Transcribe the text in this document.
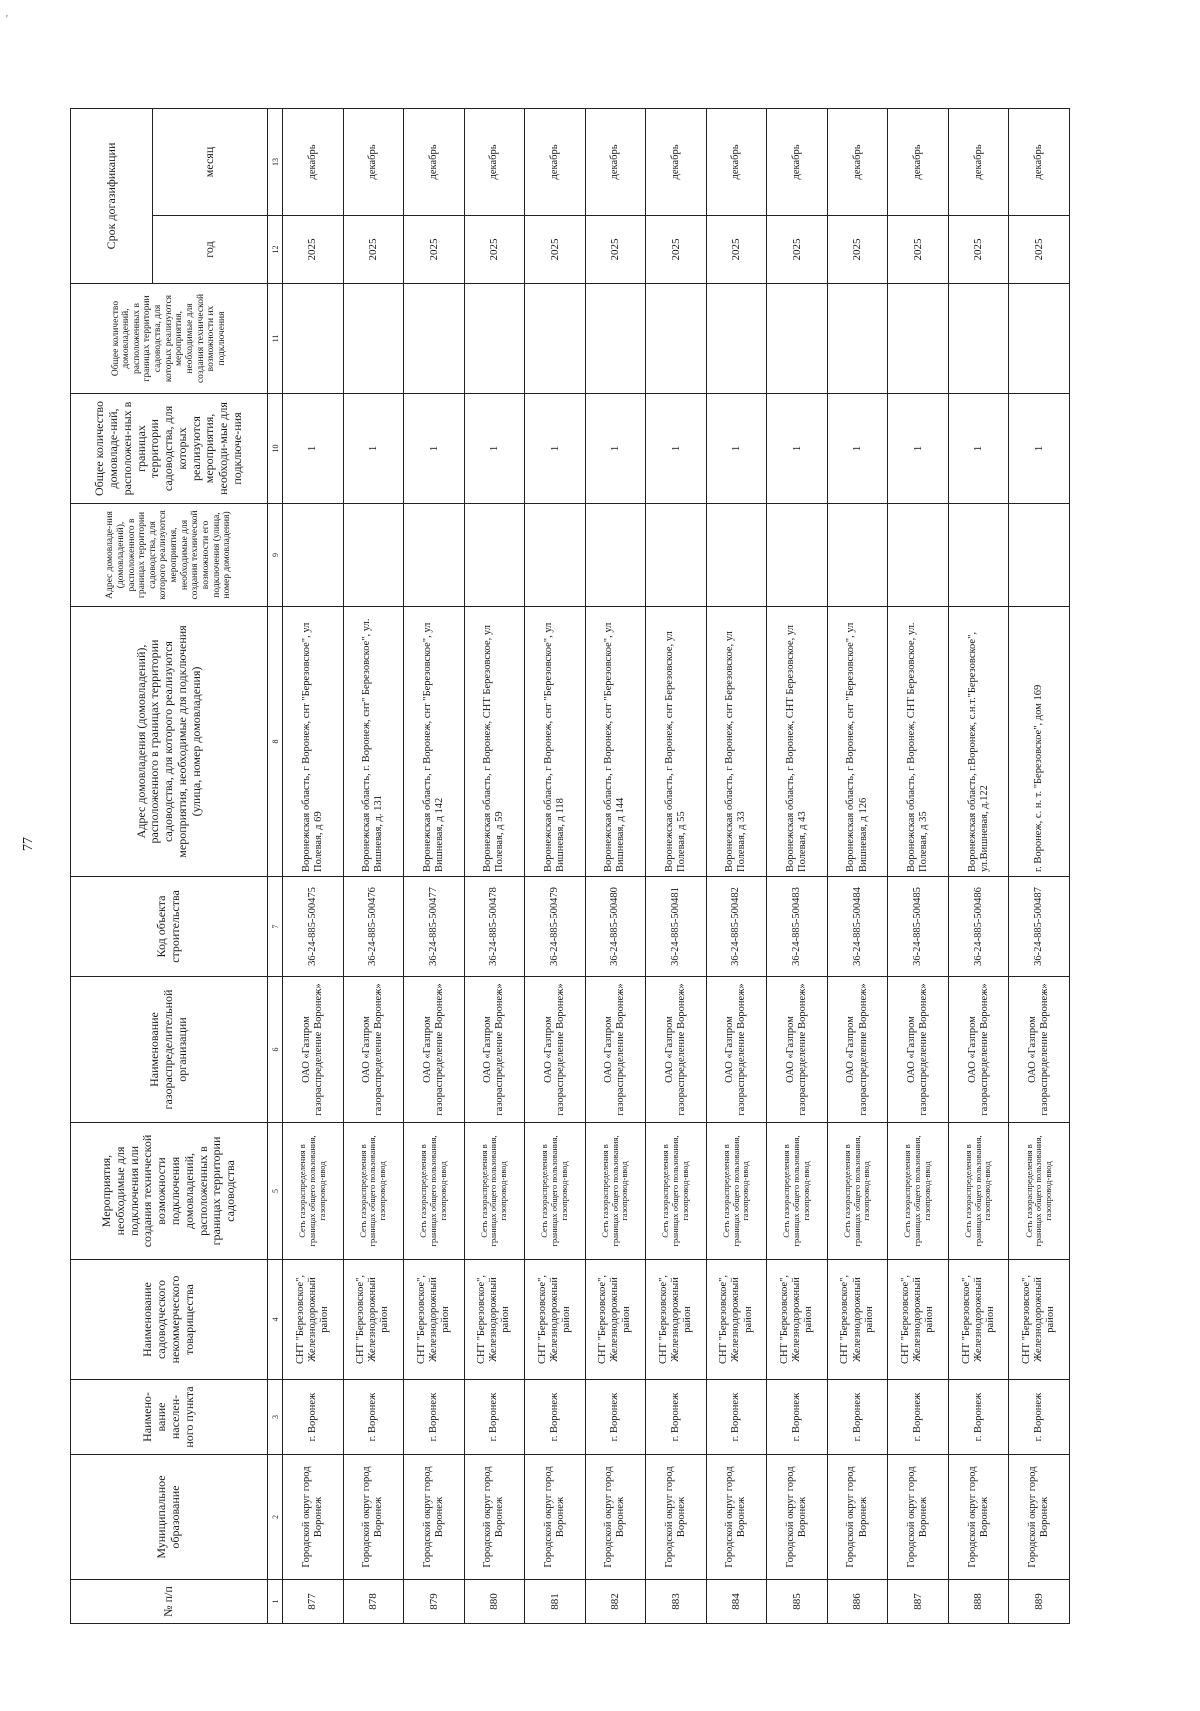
'
77
№ п/п	Муниципальное образование	Наимено-вание населен-ного пункта	Наименование садоводческого некоммерческого товарищества	Мероприятия, необходимые для подключения или создания технической возможности подключения домовладений, расположенных в границах территории садоводства	Наименование газораспределительной организации	Код объекта строительства	Адрес домовладения (домовладений), расположенного в границах территории садоводства, для которого реализуются мероприятия, необходимые для подключения (улица, номер домовладения)	Адрес домовладе-ния (домовладений), расположенного в границах территории садоводства, для которого реализуются мероприятия, необходимые для создания технической возможности его подключения (улица, номер домовладения)	Общее количество домовладе-ний, расположен-ных в границах территории садоводства, для которых реализуются мероприятия, необходи-мые для подключе-ния	Общее количество домовладений, расположенных в границах территории садоводства, для которых реализуются мероприятия, необходимые для создания технической возможности их подключения	Срок догазификации	
											год	месяц
1	2	3	4	5	6	7	8	9	10	11	12	13
877	Городской округ город Воронеж	г. Воронеж	СНТ "Березовское", Железнодорожный район	Сеть газораспределения в границах общего пользования, газопровод-ввод	ОАО «Газпром газораспределение Воронеж»	36-24-885-500475	Воронежская область, г Воронеж, снт "Березовское", ул Полевая, д 69		1		2025	декабрь
878	Городской округ город Воронеж	г. Воронеж	СНТ "Березовское", Железнодорожный район	Сеть газораспределения в границах общего пользования, газопровод-ввод	ОАО «Газпром газораспределение Воронеж»	36-24-885-500476	Воронежская область, г. Воронеж, снт" Березовское", ул. Вишневая, д. 131		1		2025	декабрь
879	Городской округ город Воронеж	г. Воронеж	СНТ "Березовское", Железнодорожный район	Сеть газораспределения в границах общего пользования, газопровод-ввод	ОАО «Газпром газораспределение Воронеж»	36-24-885-500477	Воронежская область, г Воронеж, снт "Березовское", ул Вишневая, д 142		1		2025	декабрь
880	Городской округ город Воронеж	г. Воронеж	СНТ "Березовское", Железнодорожный район	Сеть газораспределения в границах общего пользования, газопровод-ввод	ОАО «Газпром газораспределение Воронеж»	36-24-885-500478	Воронежская область, г Воронеж, СНТ Березовское, ул Полевая, д 59		1		2025	декабрь
881	Городской округ город Воронеж	г. Воронеж	СНТ "Березовское", Железнодорожный район	Сеть газораспределения в границах общего пользования, газопровод-ввод	ОАО «Газпром газораспределение Воронеж»	36-24-885-500479	Воронежская область, г Воронеж, снт "Березовское", ул Вишневая, д 118		1		2025	декабрь
882	Городской округ город Воронеж	г. Воронеж	СНТ "Березовское", Железнодорожный район	Сеть газораспределения в границах общего пользования, газопровод-ввод	ОАО «Газпром газораспределение Воронеж»	36-24-885-500480	Воронежская область, г Воронеж, снт "Березовское", ул Вишневая, д 144		1		2025	декабрь
883	Городской округ город Воронеж	г. Воронеж	СНТ "Березовское", Железнодорожный район	Сеть газораспределения в границах общего пользования, газопровод-ввод	ОАО «Газпром газораспределение Воронеж»	36-24-885-500481	Воронежская область, г Воронеж, снт Березовское, ул Полевая, д 55		1		2025	декабрь
884	Городской округ город Воронеж	г. Воронеж	СНТ "Березовское", Железнодорожный район	Сеть газораспределения в границах общего пользования, газопровод-ввод	ОАО «Газпром газораспределение Воронеж»	36-24-885-500482	Воронежская область, г Воронеж, снт Березовское, ул Полевая, д 33		1		2025	декабрь
885	Городской округ город Воронеж	г. Воронеж	СНТ "Березовское", Железнодорожный район	Сеть газораспределения в границах общего пользования, газопровод-ввод	ОАО «Газпром газораспределение Воронеж»	36-24-885-500483	Воронежская область, г Воронеж, СНТ Березовское, ул Полевая, д 43		1		2025	декабрь
886	Городской округ город Воронеж	г. Воронеж	СНТ "Березовское", Железнодорожный район	Сеть газораспределения в границах общего пользования, газопровод-ввод	ОАО «Газпром газораспределение Воронеж»	36-24-885-500484	Воронежская область, г Воронеж, снт "Березовское", ул Вишневая, д 126		1		2025	декабрь
887	Городской округ город Воронеж	г. Воронеж	СНТ "Березовское", Железнодорожный район	Сеть газораспределения в границах общего пользования, газопровод-ввод	ОАО «Газпром газораспределение Воронеж»	36-24-885-500485	Воронежская область, г Воронеж, СНТ Березовское, ул. Полевая, д 35		1		2025	декабрь
888	Городской округ город Воронеж	г. Воронеж	СНТ "Березовское", Железнодорожный район	Сеть газораспределения в границах общего пользования, газопровод-ввод	ОАО «Газпром газораспределение Воронеж»	36-24-885-500486	Воронежская область, г.Воронеж, с.н.т."Березовское", ул.Вишневая, д.122		1		2025	декабрь
889	Городской округ город Воронеж	г. Воронеж	СНТ "Березовское", Железнодорожный район	Сеть газораспределения в границах общего пользования, газопровод-ввод	ОАО «Газпром газораспределение Воронеж»	36-24-885-500487	г. Воронеж, с. н. т. "Березовское", дом 169		1		2025	декабрь
